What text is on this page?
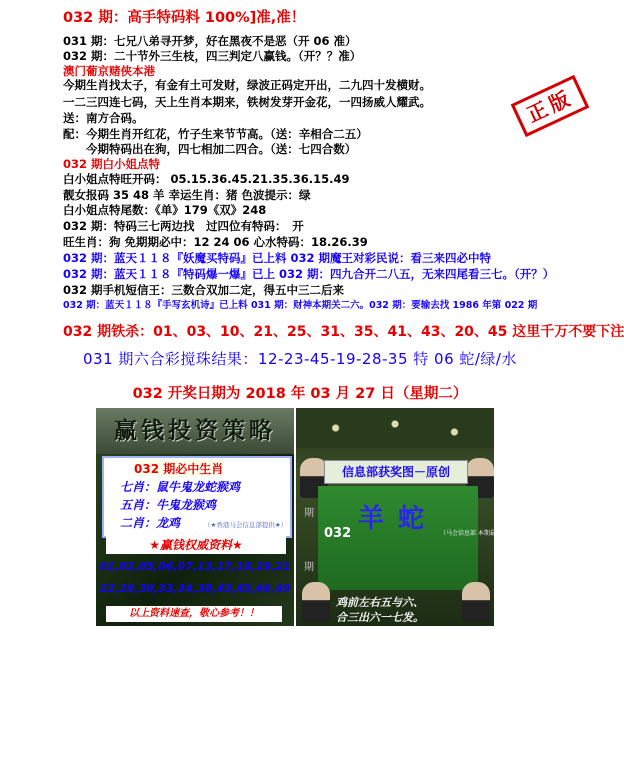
032 期：高手特码料 100%]准,准！
正版
031 期：七兄八弟寻开梦，好在黑夜不是恶（开 06 准）
032 期：二十节外三生枝，四三判定八赢钱。（开？？准）
澳门葡京赌侠本港
今期生肖找太子，有金有土可发财，绿波正码定开出，二九四十发横财。
一二三四连七码，天上生肖本期来，铁树发芽开金花，一四扬威人耀武。
送：南方合码。
配：今期生肖开红花，竹子生来节节高。（送：辛相合二五）
　　今期特码出在狗，四七相加二四合。（送：七四合数）
032 期白小姐点特
白小姐点特旺开码： 05.15.36.45.21.35.36.15.49
靓女报码 35 48 羊 幸运生肖：猪 色波提示：绿
白小姐点特尾数：《单》179《双》248
032 期：特码三七两边找　过四位有特码：　开
旺生肖：狗 免期期必中：12 24 06 心水特码：18.26.39
032 期：蓝天１１８『妖魔买特码』已上料 032 期魔王对彩民说：看三来四必中特
032 期：蓝天１１８『特码爆一爆』已上 032 期：四九合开二八五，无来四尾看三七。（开？）
032 期手机短信王：三数合双加二定，得五中三二后来
032 期：蓝天１１８『手写玄机诗』已上料 031 期：财神本期关二六。032 期：要输去找 1986 年第 022 期
032 期铁杀：01、03、10、21、25、31、35、41、43、20、45 这里千万不要下注
031 期六合彩搅珠结果：12-23-45-19-28-35 特 06 蛇/绿/水
032 开奖日期为 2018 年 03 月 27 日（星期二）
赢钱投资策略
032 期必中生肖
七肖：鼠牛鬼龙蛇猴鸡
五肖：牛鬼龙猴鸡
二肖：龙鸡	（★香港马会信息部提供★）
★赢钱权威资料★
01,02,05,06,07,13,17,18,19,21
22,29,30,33,34,38,43,45,46,49
以上资料速查，敬心参考！！
信息部获奖图－原创
期
期
羊蛇
032	（马会信息部 本期最新）
鸡前左右五与六、
合三出六一七发。
